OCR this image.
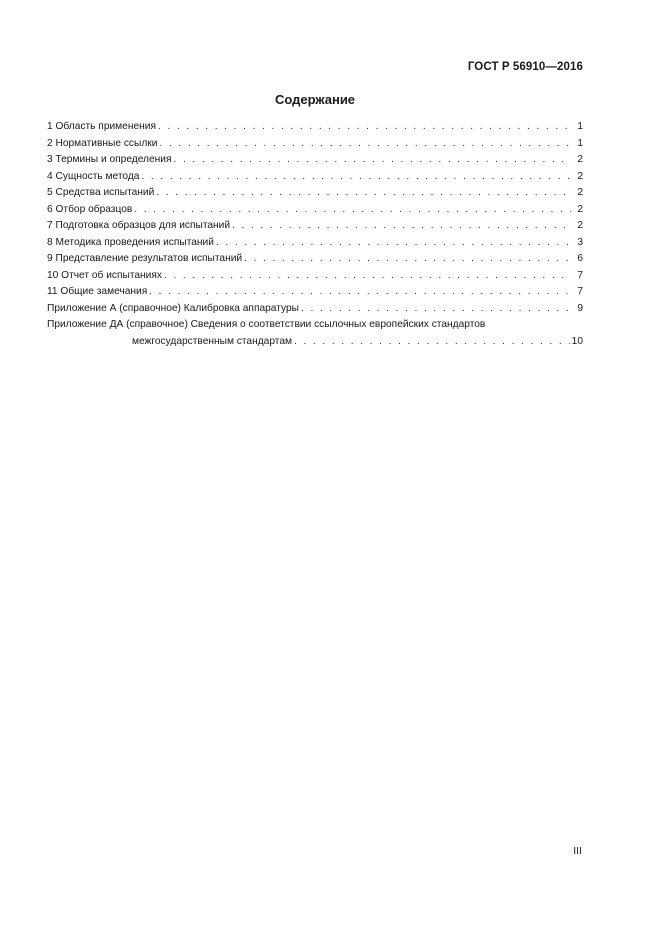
ГОСТ Р 56910—2016
Содержание
1 Область применения . . .	1
2 Нормативные ссылки . . .	1
3 Термины и определения . . .	2
4 Сущность метода . . .	2
5 Средства испытаний . . .	2
6 Отбор образцов . . .	2
7 Подготовка образцов для испытаний . . .	2
8 Методика проведения испытаний . . .	3
9 Представление результатов испытаний . . .	6
10 Отчет об испытаниях . . .	7
11 Общие замечания . . .	7
Приложение А (справочное) Калибровка аппаратуры . . .	9
Приложение ДА (справочное) Сведения о соответствии ссылочных европейских стандартов
межгосударственным стандартам . . .	10
III
